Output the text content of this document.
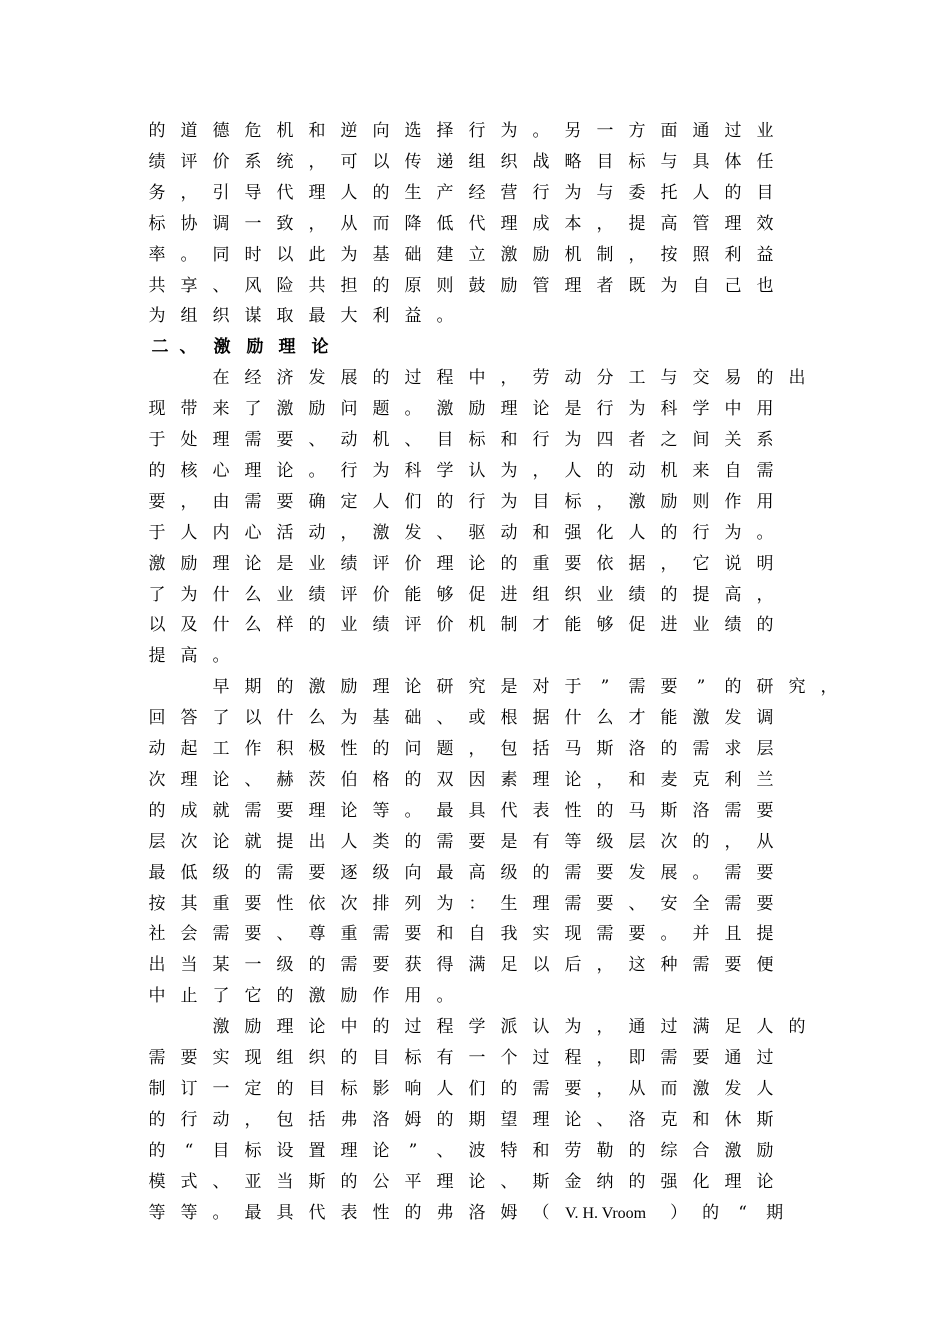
的 道 德 危 机 和 逆 向 选 择 行 为 。 另 一 方 面 通 过 业
绩 评 价 系 统 ， 可 以 传 递 组 织 战 略 目 标 与 具 体 任
务 ， 引 导 代 理 人 的 生 产 经 营 行 为 与 委 托 人 的 目
标 协 调 一 致 ， 从 而 降 低 代 理 成 本 ， 提 高 管 理 效
率 。 同 时 以 此 为 基 础 建 立 激 励 机 制 ， 按 照 利 益
共 享 、 风 险 共 担 的 原 则 鼓 励 管 理 者 既 为 自 己 也
为 组 织 谋 取 最 大 利 益 。
二 、 激 励 理 论
在 经 济 发 展 的 过 程 中 ， 劳 动 分 工 与 交 易 的 出
现 带 来 了 激 励 问 题 。 激 励 理 论 是 行 为 科 学 中 用
于 处 理 需 要 、 动 机 、 目 标 和 行 为 四 者 之 间 关 系
的 核 心 理 论 。 行 为 科 学 认 为 ， 人 的 动 机 来 自 需
要 ， 由 需 要 确 定 人 们 的 行 为 目 标 ， 激 励 则 作 用
于 人 内 心 活 动 ， 激 发 、 驱 动 和 强 化 人 的 行 为 。
激 励 理 论 是 业 绩 评 价 理 论 的 重 要 依 据 ， 它 说 明
了 为 什 么 业 绩 评 价 能 够 促 进 组 织 业 绩 的 提 高 ，
以 及 什 么 样 的 业 绩 评 价 机 制 才 能 够 促 进 业 绩 的
提 高 。
早 期 的 激 励 理 论 研 究 是 对 于	”	需 要	”	的 研 究 ，
回 答 了 以 什 么 为 基 础 、 或 根 据 什 么 才 能 激 发 调
动 起 工 作 积 极 性 的 问 题 ， 包 括 马 斯 洛 的 需 求 层
次 理 论 、 赫 茨 伯 格 的 双 因 素 理 论 ， 和 麦 克 利 兰
的 成 就 需 要 理 论 等 。 最 具 代 表 性 的 马 斯 洛 需 要
层 次 论 就 提 出 人 类 的 需 要 是 有 等 级 层 次 的 ， 从
最 低 级 的 需 要 逐 级 向 最 高 级 的 需 要 发 展 。 需 要
按 其 重 要 性 依 次 排 列 为 ： 生 理 需 要 、 安 全 需 要
社 会 需 要 、 尊 重 需 要 和 自 我 实 现 需 要 。 并 且 提
出 当 某 一 级 的 需 要 获 得 满 足 以 后 ， 这 种 需 要 便
中 止 了 它 的 激 励 作 用 。
激 励 理 论 中 的 过 程 学 派 认 为 ， 通 过 满 足 人 的
需 要 实 现 组 织 的 目 标 有 一 个 过 程 ， 即 需 要 通 过
制 订 一 定 的 目 标 影 响 人 们 的 需 要 ， 从 而 激 发 人
的 行 动 ， 包 括 弗 洛 姆 的 期 望 理 论 、 洛 克 和 休 斯
的	“	目 标 设 置 理 论	”	、 波 特 和 劳 勒 的 综 合 激 励
模 式 、 亚 当 斯 的 公 平 理 论 、 斯 金 纳 的 强 化 理 论
等 等 。 最 具 代 表 性 的 弗 洛 姆 （ V. H. Vroom ） 的	“	期
